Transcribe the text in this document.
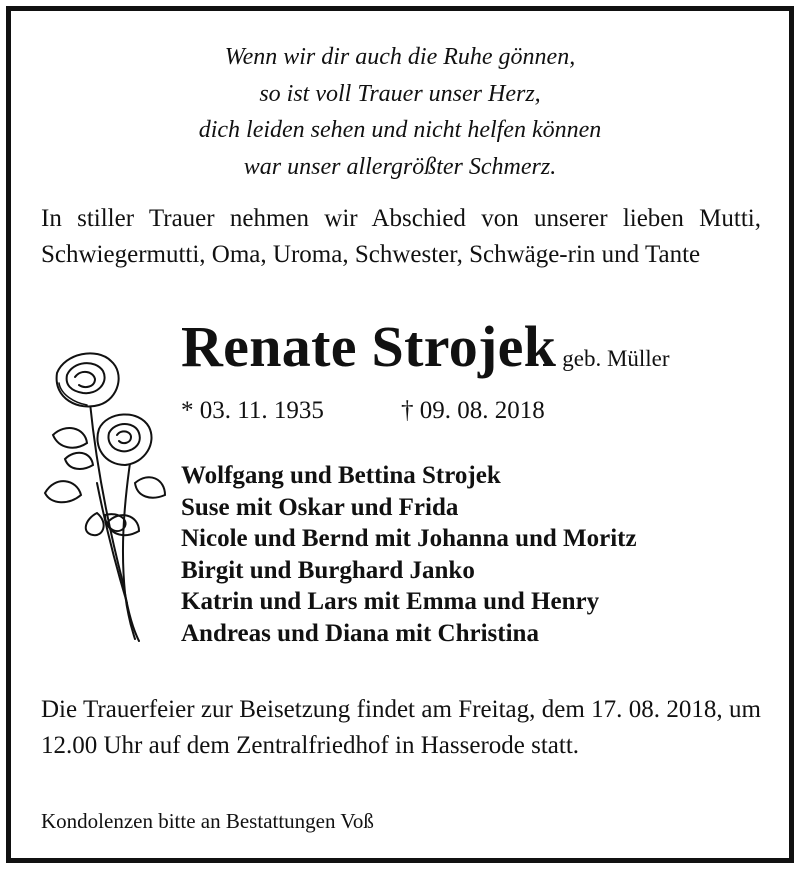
Wenn wir dir auch die Ruhe gönnen,
so ist voll Trauer unser Herz,
dich leiden sehen und nicht helfen können
war unser allergrößter Schmerz.
In stiller Trauer nehmen wir Abschied von unserer lieben Mutti, Schwiegermutti, Oma, Uroma, Schwester, Schwäge-rin und Tante
Renate Strojek geb. Müller
* 03. 11. 1935	† 09. 08. 2018
Wolfgang und Bettina Strojek
Suse mit Oskar und Frida
Nicole und Bernd mit Johanna und Moritz
Birgit und Burghard Janko
Katrin und Lars mit Emma und Henry
Andreas und Diana mit Christina
Die Trauerfeier zur Beisetzung findet am Freitag, dem 17. 08. 2018, um 12.00 Uhr auf dem Zentralfriedhof in Hasserode statt.
Kondolenzen bitte an Bestattungen Voß
